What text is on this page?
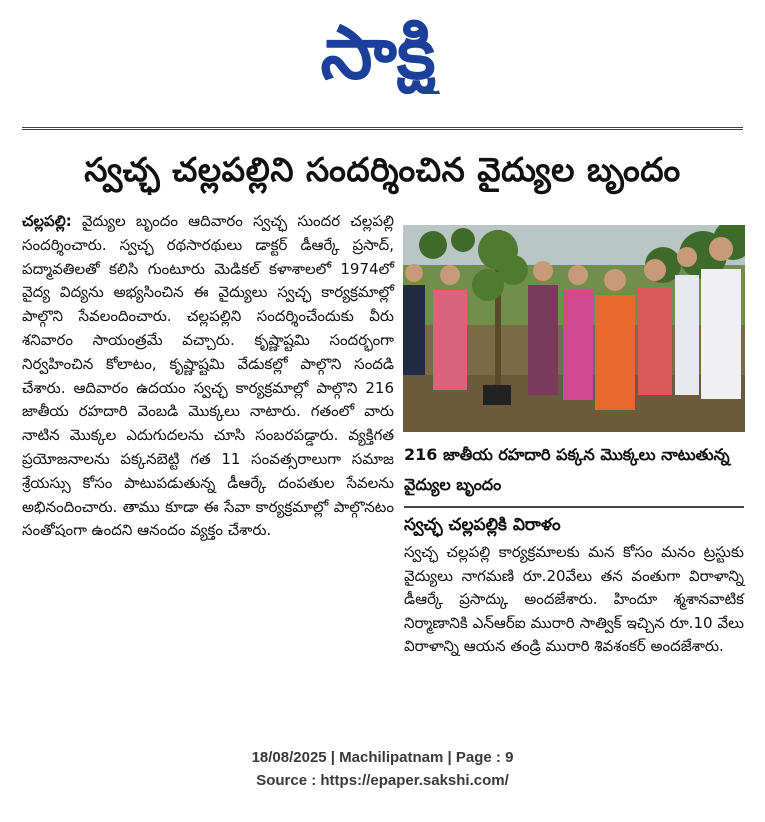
సాక్షి
స్వచ్ఛ చల్లపల్లిని సందర్శించిన వైద్యుల బృందం
చల్లపల్లి: వైద్యుల బృందం ఆదివారం స్వచ్ఛ సుందర చల్లపల్లి సందర్శించారు. స్వచ్ఛ రథసారథులు డాక్టర్ డీఆర్కే ప్రసాద్, పద్మావతిలతో కలిసి గుంటూరు మెడికల్ కళాశాలలో 1974లో వైద్య విద్యను అభ్యసించిన ఈ వైద్యులు స్వచ్ఛ కార్యక్రమాల్లో పాల్గొని సేవలందించారు. చల్లపల్లిని సందర్శించేందుకు వీరు శనివారం సాయంత్రమే వచ్చారు. కృష్ణాష్టమి సందర్భంగా నిర్వహించిన కోలాటం, కృష్ణాష్టమి వేడుకల్లో పాల్గొని సందడి చేశారు. ఆదివారం ఉదయం స్వచ్ఛ కార్యక్రమాల్లో పాల్గొని 216 జాతీయ రహదారి వెంబడి మొక్కలు నాటారు. గతంలో వారు నాటిన మొక్కల ఎదుగుదలను చూసి సంబరపడ్డారు. వ్యక్తిగత ప్రయోజనాలను పక్కనబెట్టి గత 11 సంవత్సరాలుగా సమాజ శ్రేయస్సు కోసం పాటుపడుతున్న డీఆర్కే దంపతుల సేవలను అభినందించారు. తాము కూడా ఈ సేవా కార్యక్రమాల్లో పాల్గొనటం సంతోషంగా ఉందని ఆనందం వ్యక్తం చేశారు.
216 జాతీయ రహదారి పక్కన మొక్కలు నాటుతున్న వైద్యుల బృందం
స్వచ్ఛ చల్లపల్లికి విరాళం
స్వచ్ఛ చల్లపల్లి కార్యక్రమాలకు మన కోసం మనం ట్రస్టుకు వైద్యులు నాగమణి రూ.20వేలు తన వంతుగా విరాళాన్ని డీఆర్కే ప్రసాద్కు అందజేశారు. హిందూ శ్మశానవాటిక నిర్మాణానికి ఎన్ఆర్ఐ మురారి సాత్విక్ ఇచ్చిన రూ.10 వేలు విరాళాన్ని ఆయన తండ్రి మురారి శివశంకర్ అందజేశారు.
18/08/2025 | Machilipatnam | Page : 9
Source : https://epaper.sakshi.com/
